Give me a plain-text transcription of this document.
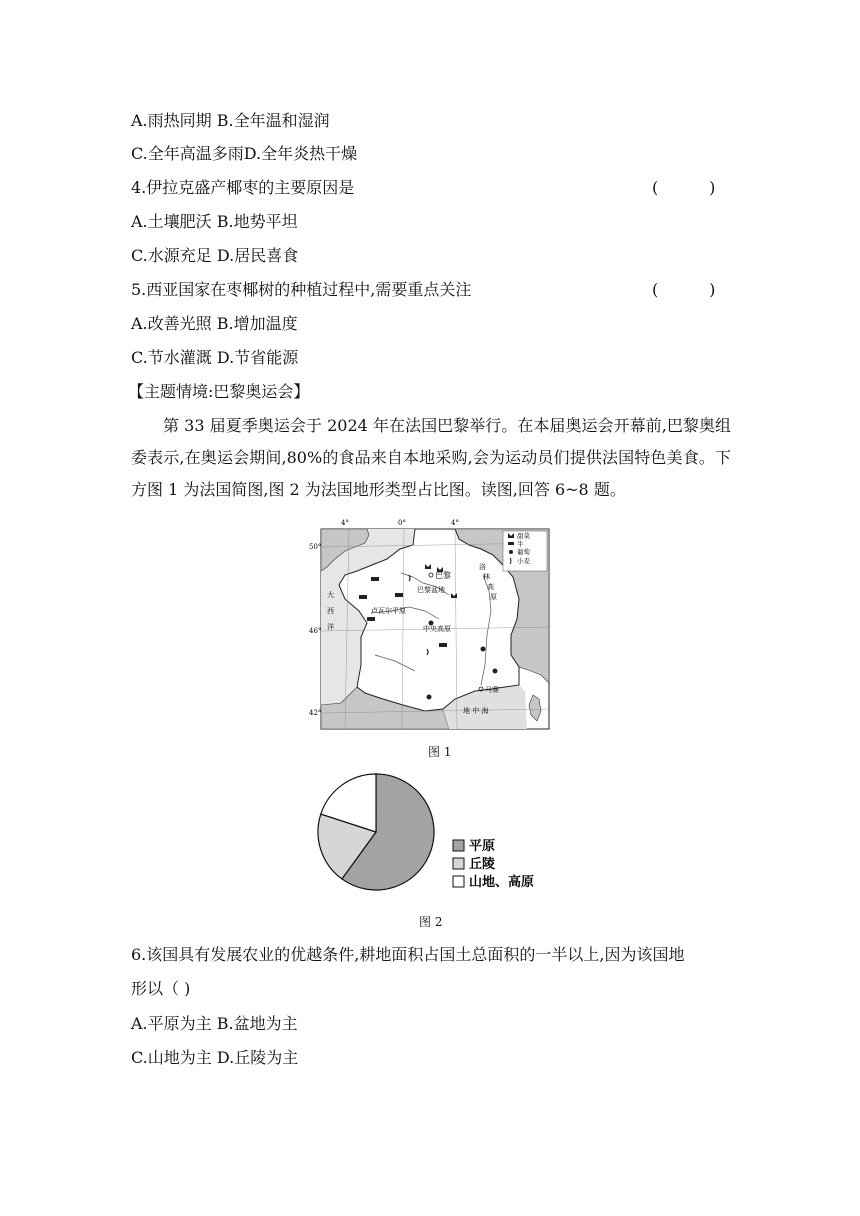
A.雨热同期 B.全年温和湿润
C.全年高温多雨D.全年炎热干燥
4.伊拉克盛产椰枣的主要原因是	(          )
A.土壤肥沃 B.地势平坦
C.水源充足 D.居民喜食
5.西亚国家在枣椰树的种植过程中,需要重点关注	(          )
A.改善光照 B.增加温度
C.节水灌溉 D.节省能源
【主题情境:巴黎奥运会】
第 33 届夏季奥运会于 2024 年在法国巴黎举行。在本届奥运会开幕前,巴黎奥组委表示,在奥运会期间,80%的食品来自本地采购,会为运动员们提供法国特色美食。下方图 1 为法国简图,图 2 为法国地形类型占比图。读图,回答 6~8 题。
4°	0°	4°
50°
46°
42°
甜菜
牛
葡萄
小麦
巴黎
巴黎盆地
卢瓦尔平原
中央高原
洛
林
高
原
马赛
地 中 海
大
西
洋
图 1
平原
丘陵
山地、高原
图 2
6.该国具有发展农业的优越条件,耕地面积占国土总面积的一半以上,因为该国地
形以（ )
A.平原为主 B.盆地为主
C.山地为主 D.丘陵为主
